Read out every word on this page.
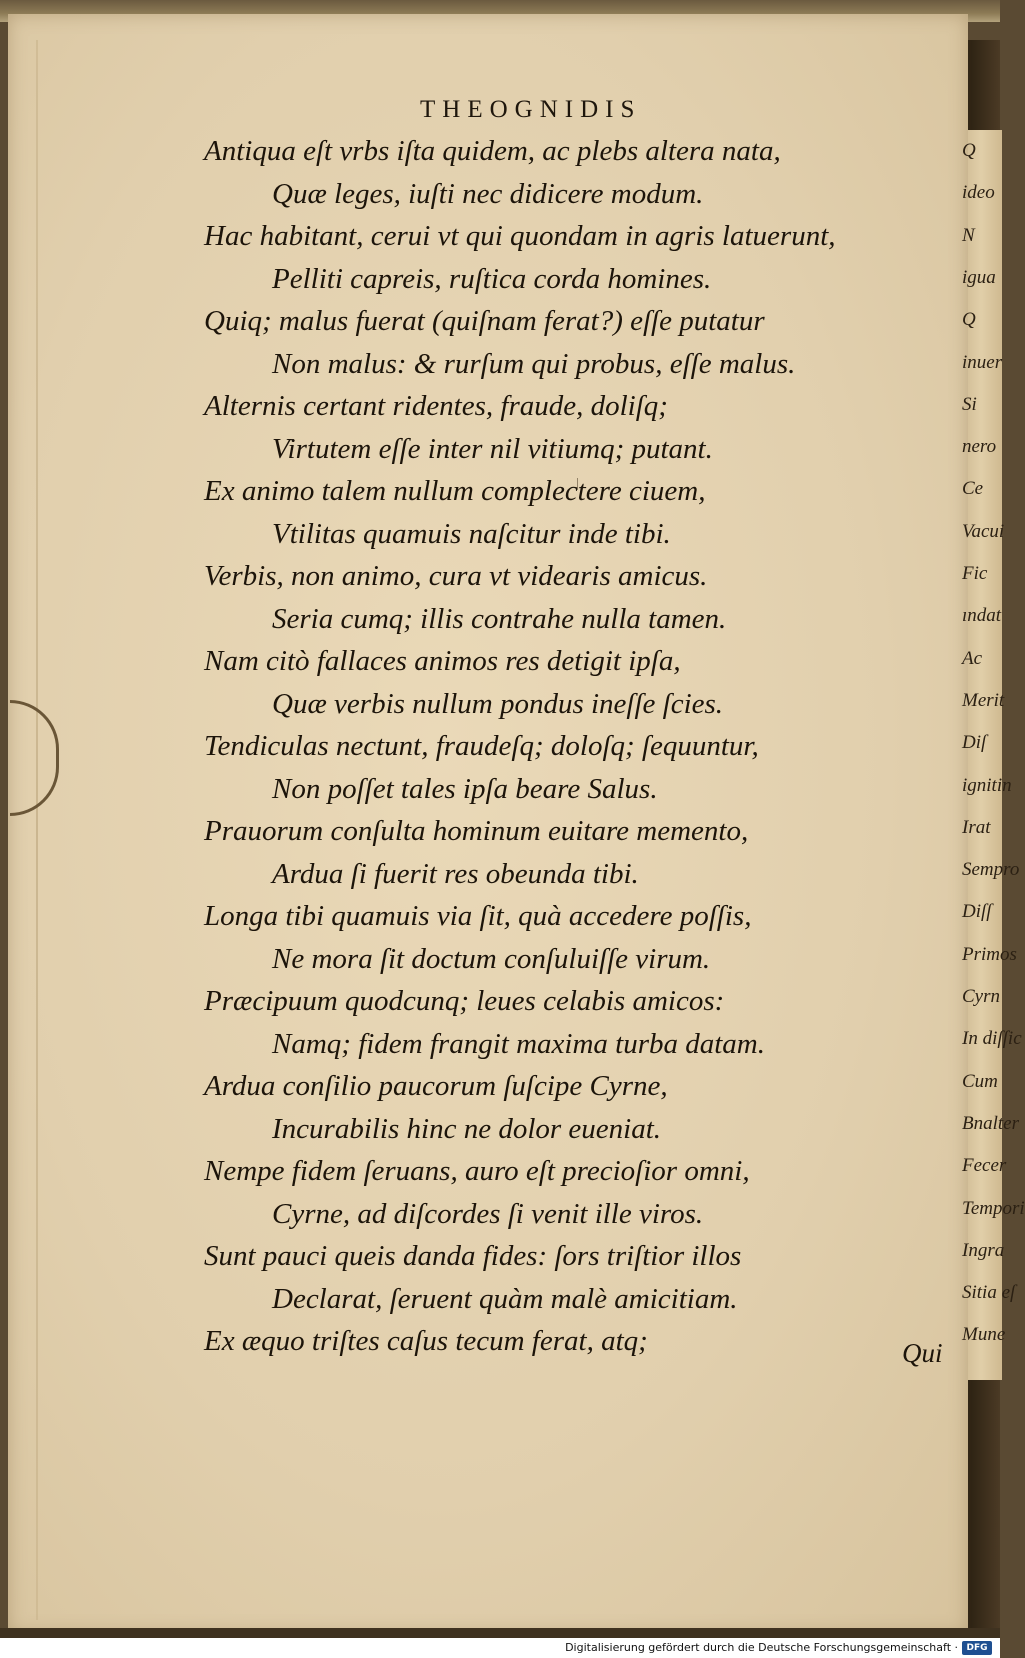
THEOGNIDIS
Antiqua eſt vrbs iſta quidem, ac plebs altera nata,
Quæ leges, iuſti nec didicere modum.
Hac habitant, cerui vt qui quondam in agris latuerunt,
Pelliti capreis, ruſtica corda homines.
Quiq; malus fuerat (quiſnam ferat?) eſſe putatur
Non malus: & rurſum qui probus, eſſe malus.
Alternis certant ridentes, fraude, doliſq;
Virtutem eſſe inter nil vitiumq; putant.
Ex animo talem nullum complectere ciuem,
Vtilitas quamuis naſcitur inde tibi.
Verbis, non animo, cura vt videaris amicus.
Seria cumq; illis contrahe nulla tamen.
Nam citò fallaces animos res detigit ipſa,
Quæ verbis nullum pondus ineſſe ſcies.
Tendiculas nectunt, fraudeſq; doloſq; ſequuntur,
Non poſſet tales ipſa beare Salus.
Prauorum conſulta hominum euitare memento,
Ardua ſi fuerit res obeunda tibi.
Longa tibi quamuis via ſit, quà accedere poſſis,
Ne mora ſit doctum conſuluiſſe virum.
Præcipuum quodcunq; leues celabis amicos:
Namq; fidem frangit maxima turba datam.
Ardua conſilio paucorum ſuſcipe Cyrne,
Incurabilis hinc ne dolor eueniat.
Nempe fidem ſeruans, auro eſt precioſior omni,
Cyrne, ad diſcordes ſi venit ille viros.
Sunt pauci queis danda fides: ſors triſtior illos
Declarat, ſeruent quàm malè amicitiam.
Ex æquo triſtes caſus tecum ferat, atq;	Qui
Q
ideo
N
igua
Q
inuer
Si
nero
Ce
Vacui
Fic
ındat
Ac
Merit
Diſ
ignitin
Irat
Sempro
Diſſ
Primos
Cyrn
In diſſic
Cum
Bnalter
Fecer
Tempori
Ingra
Sitia eſ
Mune
Digitalisierung gefördert durch die Deutsche Forschungsgemeinschaft · DFG
